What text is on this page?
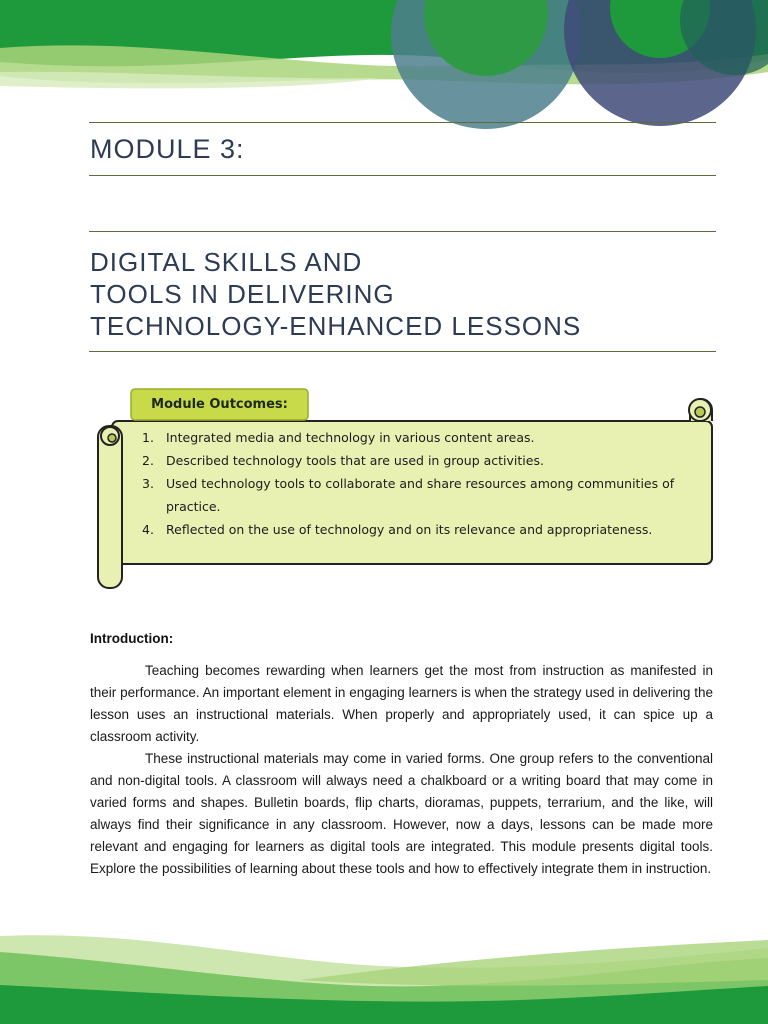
MODULE 3:
DIGITAL SKILLS AND
TOOLS IN DELIVERING
TECHNOLOGY-ENHANCED LESSONS
Module Outcomes:
1. Integrated media and technology in various content areas.
2. Described technology tools that are used in group activities.
3. Used technology tools to collaborate and share resources among communities of practice.
4. Reflected on the use of technology and on its relevance and appropriateness.
Introduction:

Teaching becomes rewarding when learners get the most from instruction as manifested in their performance. An important element in engaging learners is when the strategy used in delivering the lesson uses an instructional materials. When properly and appropriately used, it can spice up a classroom activity.

These instructional materials may come in varied forms. One group refers to the conventional and non-digital tools. A classroom will always need a chalkboard or a writing board that may come in varied forms and shapes. Bulletin boards, flip charts, dioramas, puppets, terrarium, and the like, will always find their significance in any classroom. However, now a days, lessons can be made more relevant and engaging for learners as digital tools are integrated. This module presents digital tools. Explore the possibilities of learning about these tools and how to effectively integrate them in instruction.
